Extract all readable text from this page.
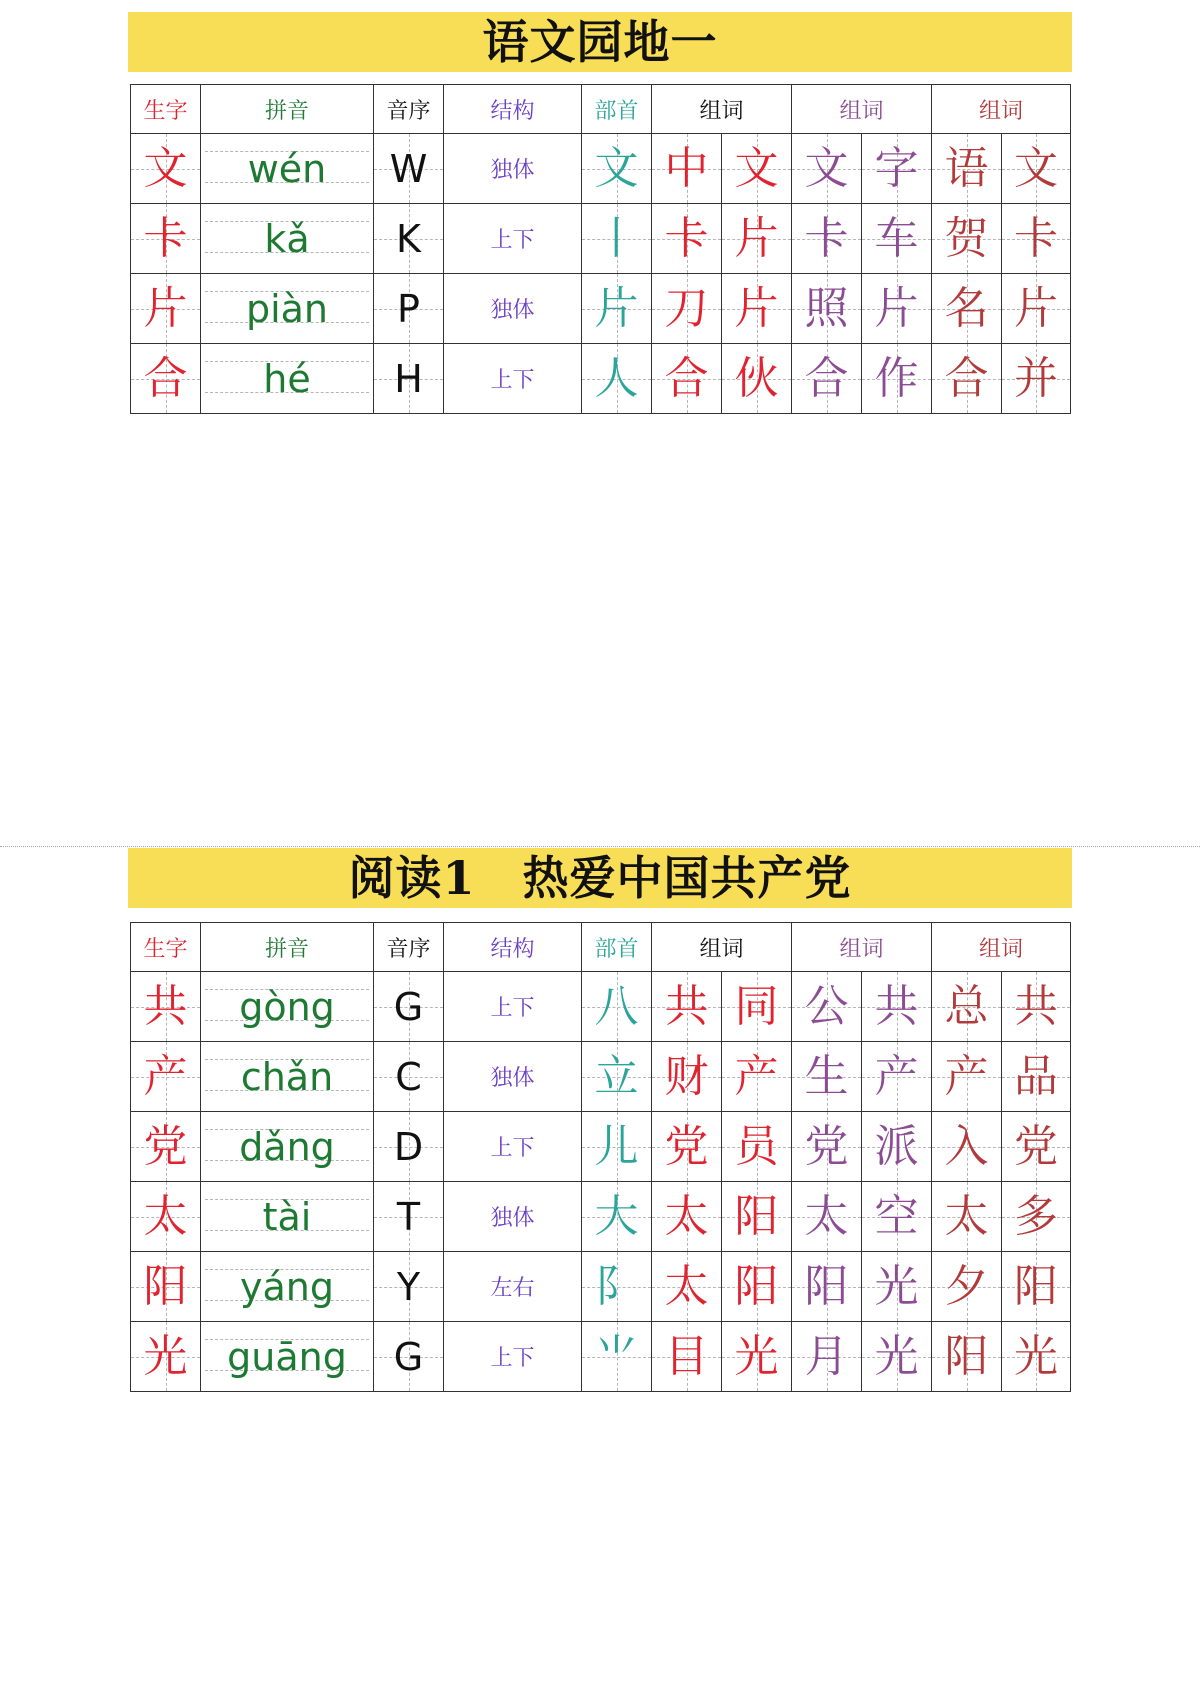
语文园地一
生字	拼音	音序	结构	部首	组词		组词		组词	
文	wén	W	独体	文	中	文	文	字	语	文
卡	kǎ	K	上下	丨	卡	片	卡	车	贺	卡
片	piàn	P	独体	片	刀	片	照	片	名	片
合	hé	H	上下	人	合	伙	合	作	合	并
阅读1　热爱中国共产党
生字	拼音	音序	结构	部首	组词		组词		组词	
共	gòng	G	上下	八	共	同	公	共	总	共
产	chǎn	C	独体	立	财	产	生	产	产	品
党	dǎng	D	上下	儿	党	员	党	派	入	党
太	tài	T	独体	大	太	阳	太	空	太	多
阳	yáng	Y	左右	阝	太	阳	阳	光	夕	阳
光	guāng	G	上下	⺌	目	光	月	光	阳	光
